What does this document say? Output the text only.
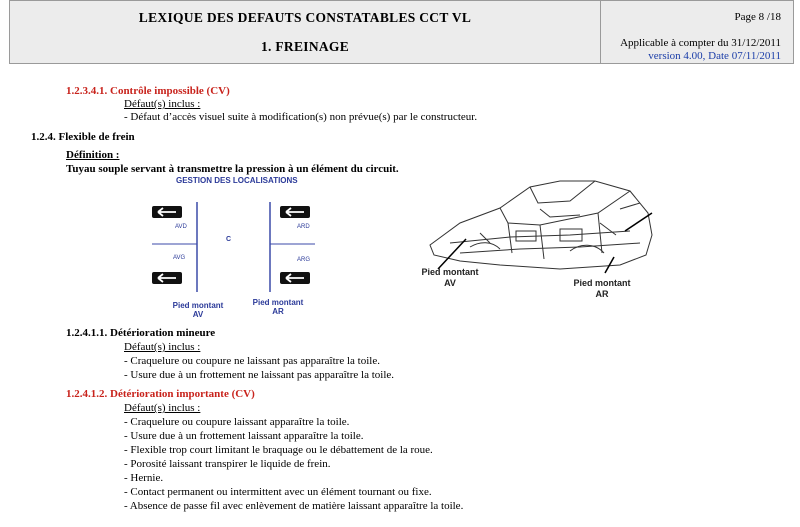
LEXIQUE DES DEFAUTS CONSTATABLES CCT VL
1. FREINAGE
Page 8 /18
Applicable à compter du 31/12/2011
version 4.00, Date 07/11/2011
1.2.3.4.1. Contrôle impossible (CV)
Défaut(s) inclus :
- Défaut d’accès visuel suite à modification(s) non prévue(s) par le constructeur.
1.2.4. Flexible de frein
Définition :
Tuyau souple servant à transmettre la pression à un élément du circuit.
GESTION DES LOCALISATIONS
AVD
AVG
ARD
ARG
C
Pied montant
AV
Pied montant
AR
Pied montant
AV	Pied montant
AR
1.2.4.1.1. Détérioration mineure
Défaut(s) inclus :
- Craquelure ou coupure ne laissant pas apparaître la toile.
- Usure due à un frottement ne laissant pas apparaître la toile.
1.2.4.1.2. Détérioration importante (CV)
Défaut(s) inclus :
- Craquelure ou coupure laissant apparaître la toile.
- Usure due à un frottement laissant apparaître la toile.
- Flexible trop court limitant le braquage ou le débattement de la roue.
- Porosité laissant transpirer le liquide de frein.
- Hernie.
- Contact permanent ou intermittent avec un élément tournant ou fixe.
- Absence de passe fil avec enlèvement de matière laissant apparaître la toile.
